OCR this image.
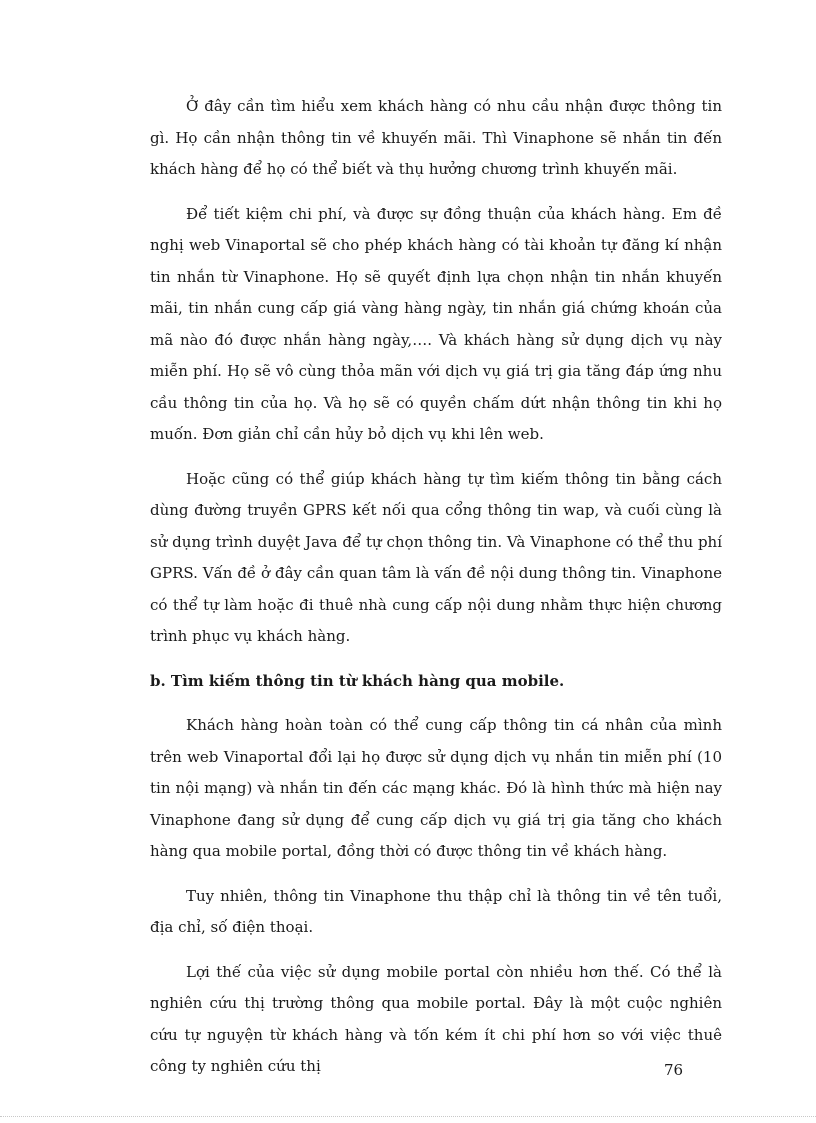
Ở đây cần tìm hiểu xem khách hàng có nhu cầu nhận được thông tin gì. Họ cần nhận thông tin về khuyến mãi. Thì Vinaphone sẽ nhắn tin đến khách hàng để họ có thể biết và thụ hưởng chương trình khuyến mãi.

Để tiết kiệm chi phí, và được sự đồng thuận của khách hàng. Em đề nghị web Vinaportal sẽ cho phép khách hàng có tài khoản tự đăng kí nhận tin nhắn từ Vinaphone. Họ sẽ quyết định lựa chọn nhận tin nhắn khuyến mãi, tin nhắn cung cấp giá vàng hàng ngày, tin nhắn giá chứng khoán của mã nào đó được nhắn hàng ngày,…. Và khách hàng sử dụng dịch vụ này miễn phí. Họ sẽ vô cùng thỏa mãn với dịch vụ giá trị gia tăng đáp ứng nhu cầu thông tin của họ. Và họ sẽ có quyền chấm dứt nhận thông tin khi họ muốn. Đơn giản chỉ cần hủy bỏ dịch vụ khi lên web.

Hoặc cũng có thể giúp khách hàng tự tìm kiếm thông tin bằng cách dùng đường truyền GPRS kết nối qua cổng thông tin wap, và cuối cùng là sử dụng trình duyệt Java để tự chọn thông tin. Và Vinaphone có thể thu phí GPRS. Vấn đề ở đây cần quan tâm là vấn đề nội dung thông tin. Vinaphone có thể tự làm hoặc đi thuê nhà cung cấp nội dung nhằm thực hiện chương trình phục vụ khách hàng.

b. Tìm kiếm thông tin từ khách hàng qua mobile.

Khách hàng hoàn toàn có thể cung cấp thông tin cá nhân của mình trên web Vinaportal đổi lại họ được sử dụng dịch vụ nhắn tin miễn phí (10 tin nội mạng) và nhắn tin đến các mạng khác. Đó là hình thức mà hiện nay Vinaphone đang sử dụng để cung cấp dịch vụ giá trị gia tăng cho khách hàng qua mobile portal, đồng thời có được thông tin về khách hàng.

Tuy nhiên, thông tin Vinaphone thu thập chỉ là thông tin về tên tuổi, địa chỉ, số điện thoại.

Lợi thế của việc sử dụng mobile portal còn nhiều hơn thế. Có thể là nghiên cứu thị trường thông qua mobile portal. Đây là một cuộc nghiên cứu tự nguyện từ khách hàng và tốn kém ít chi phí hơn so với việc thuê công ty nghiên cứu thị	76
